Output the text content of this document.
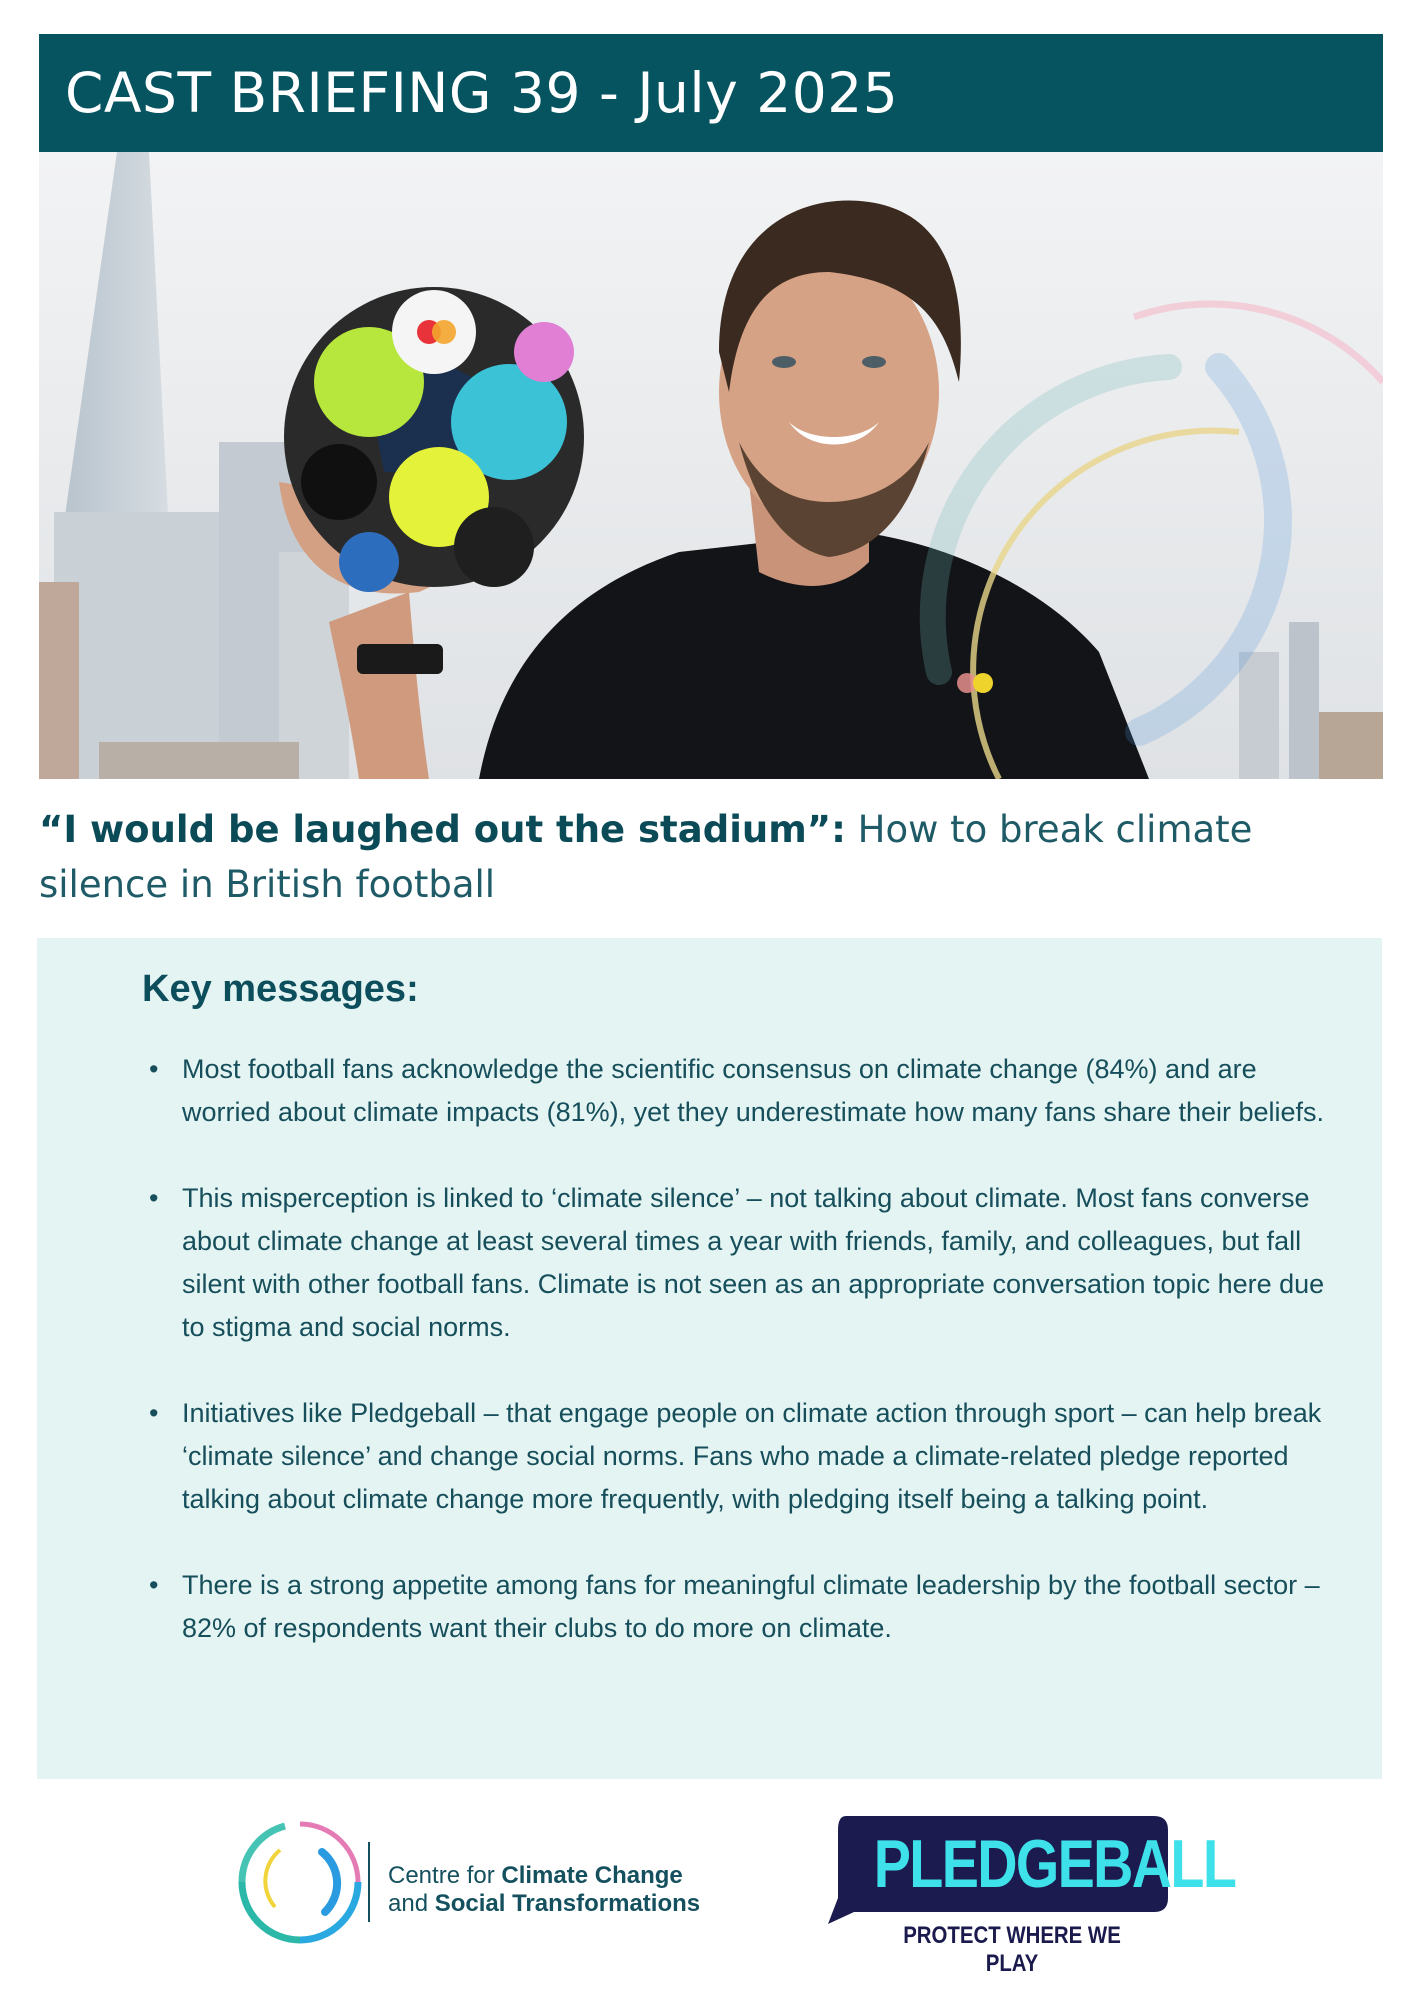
CAST BRIEFING 39 - July 2025
“I would be laughed out the stadium”: How to break climate silence in British football
Key messages:
• Most football fans acknowledge the scientific consensus on climate change (84%) and are worried about climate impacts (81%), yet they underestimate how many fans share their beliefs.
• This misperception is linked to ‘climate silence’ – not talking about climate. Most fans converse about climate change at least several times a year with friends, family, and colleagues, but fall silent with other football fans. Climate is not seen as an appropriate conversation topic here due to stigma and social norms.
• Initiatives like Pledgeball – that engage people on climate action through sport – can help break ‘climate silence’ and change social norms. Fans who made a climate-related pledge reported talking about climate change more frequently, with pledging itself being a talking point.
• There is a strong appetite among fans for meaningful climate leadership by the football sector – 82% of respondents want their clubs to do more on climate.
Centre for Climate Change
and Social Transformations
PLEDGEBALL
PROTECT WHERE WE PLAY
